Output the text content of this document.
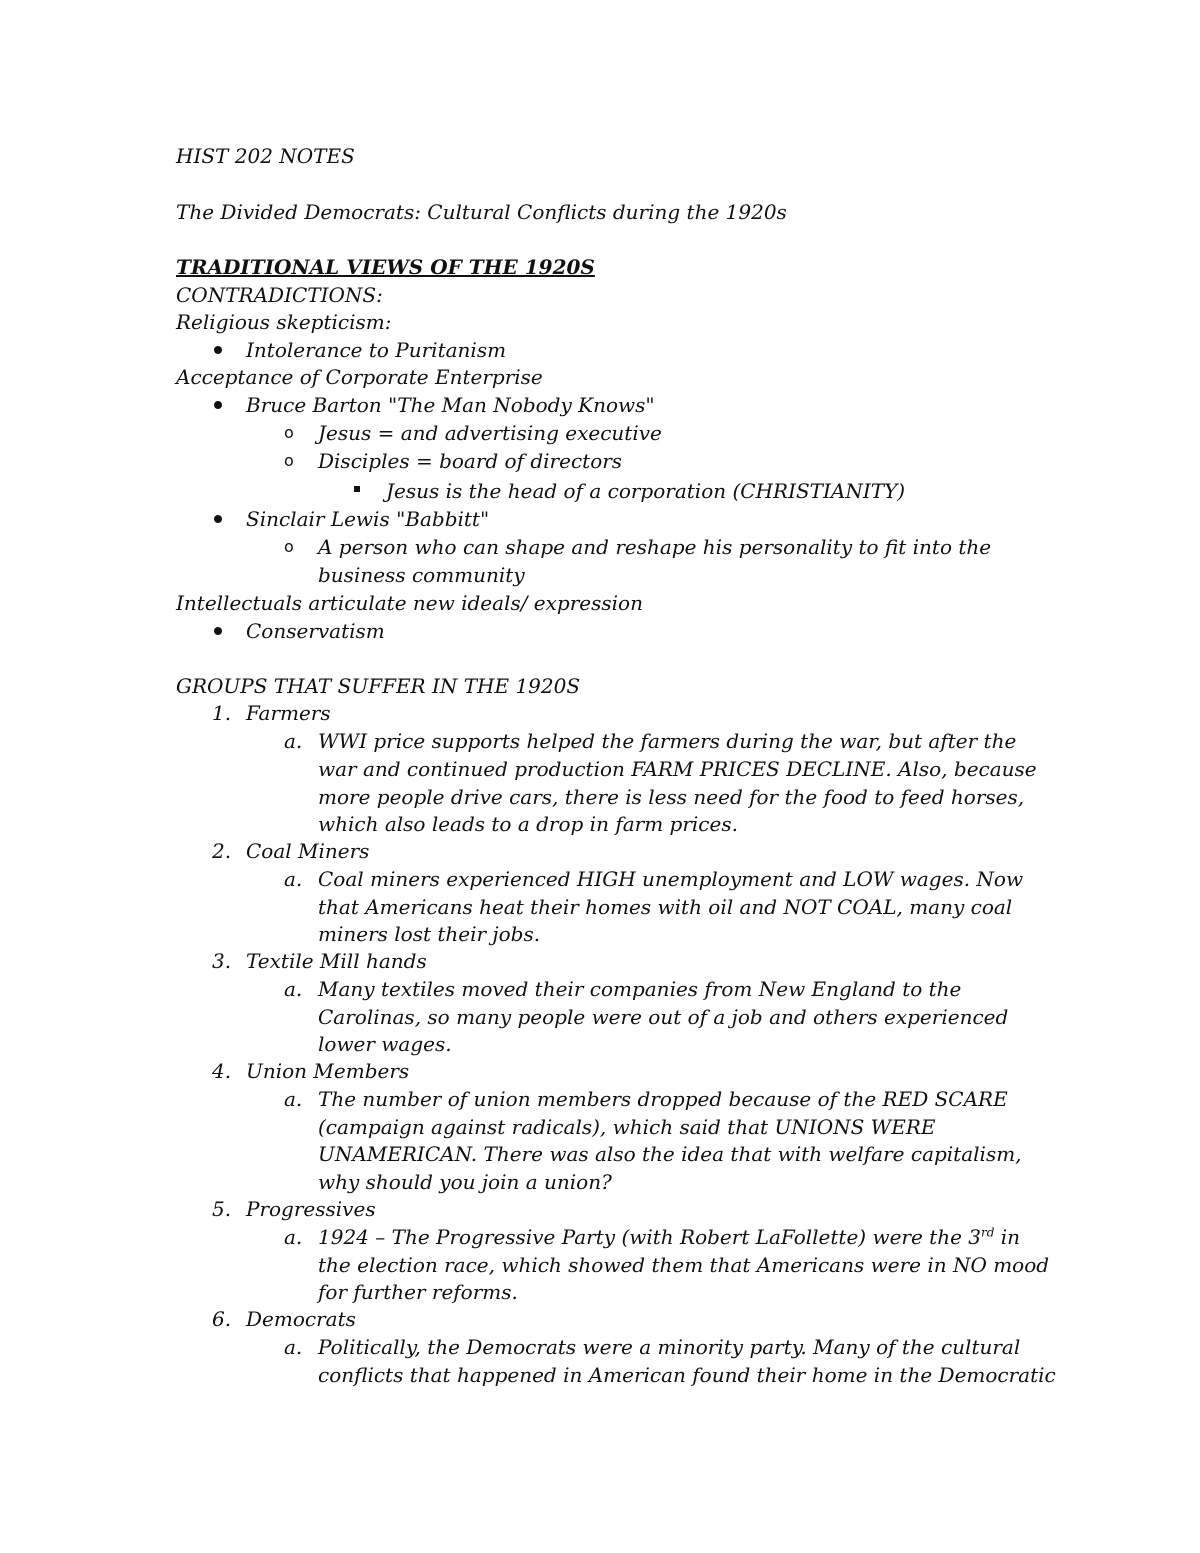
HIST 202 NOTES
The Divided Democrats: Cultural Conflicts during the 1920s
TRADITIONAL VIEWS OF THE 1920S
CONTRADICTIONS:
Religious skepticism:
Intolerance to Puritanism
Acceptance of Corporate Enterprise
Bruce Barton "The Man Nobody Knows"
o Jesus = and advertising executive
o Disciples = board of directors
Jesus is the head of a corporation (CHRISTIANITY)
Sinclair Lewis "Babbitt"
o A person who can shape and reshape his personality to fit into the
business community
Intellectuals articulate new ideals/ expression
Conservatism
GROUPS THAT SUFFER IN THE 1920S
1. Farmers
a. WWI price supports helped the farmers during the war, but after the
war and continued production FARM PRICES DECLINE. Also, because
more people drive cars, there is less need for the food to feed horses,
which also leads to a drop in farm prices.
2. Coal Miners
a. Coal miners experienced HIGH unemployment and LOW wages. Now
that Americans heat their homes with oil and NOT COAL, many coal
miners lost their jobs.
3. Textile Mill hands
a. Many textiles moved their companies from New England to the
Carolinas, so many people were out of a job and others experienced
lower wages.
4. Union Members
a. The number of union members dropped because of the RED SCARE
(campaign against radicals), which said that UNIONS WERE
UNAMERICAN. There was also the idea that with welfare capitalism,
why should you join a union?
5. Progressives
a. 1924 – The Progressive Party (with Robert LaFollette) were the 3rd in
the election race, which showed them that Americans were in NO mood
for further reforms.
6. Democrats
a. Politically, the Democrats were a minority party. Many of the cultural
conflicts that happened in American found their home in the Democratic
